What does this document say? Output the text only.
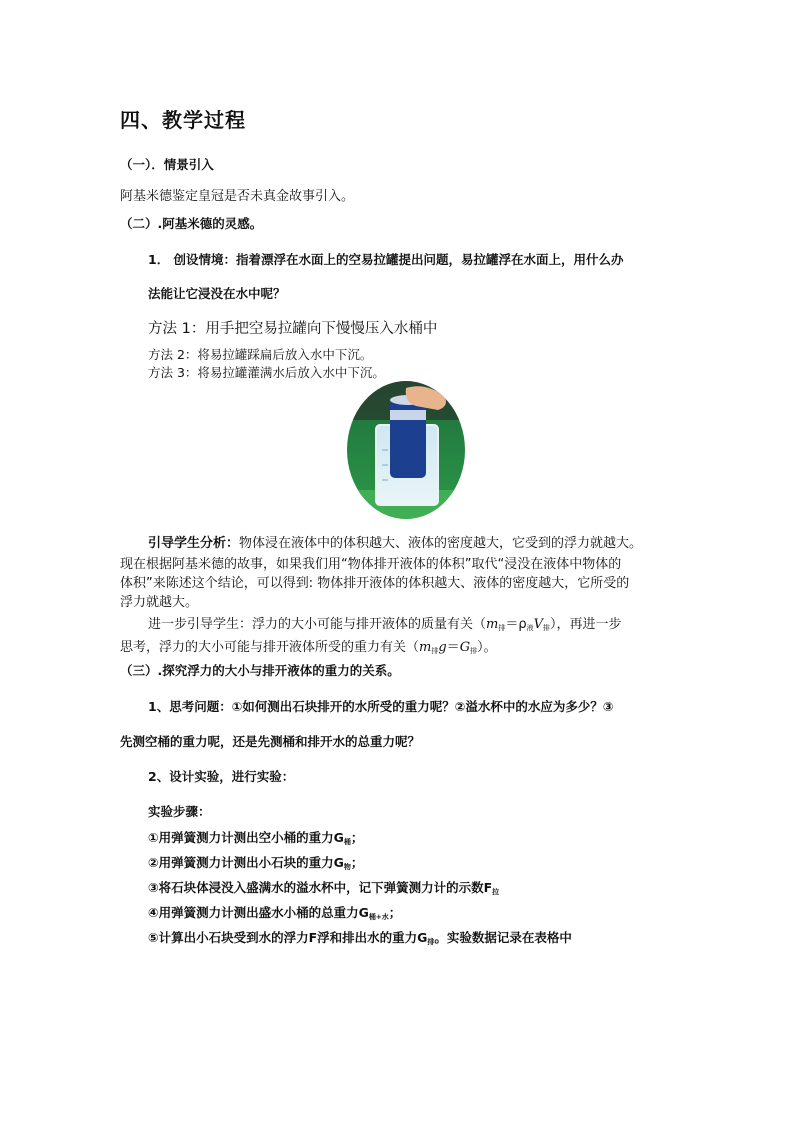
四、教学过程
（一）．情景引入
阿基米德鉴定皇冠是否未真金故事引入。
（二）.阿基米德的灵感。
1． 创设情境：指着漂浮在水面上的空易拉罐提出问题，易拉罐浮在水面上，用什么办
法能让它浸没在水中呢？
方法 1：用手把空易拉罐向下慢慢压入水桶中
方法 2：将易拉罐踩扁后放入水中下沉。
方法 3：将易拉罐灌满水后放入水中下沉。
引导学生分析：物体浸在液体中的体积越大、液体的密度越大，它受到的浮力就越大。
现在根据阿基米德的故事，如果我们用“物体排开液体的体积”取代“浸没在液体中物体的
体积”来陈述这个结论，可以得到: 物体排开液体的体积越大、液体的密度越大，它所受的
浮力就越大。
进一步引导学生：浮力的大小可能与排开液体的质量有关$(m_排=\rho_液V_排)$，再进一步
思考，浮力的大小可能与排开液体所受的重力有关$(m_排g=G_排)$。
（三）.探究浮力的大小与排开液体的重力的关系。
1、思考问题：①如何测出石块排开的水所受的重力呢？②溢水杯中的水应为多少？③
先测空桶的重力呢，还是先测桶和排开水的总重力呢？
2、设计实验，进行实验：
实验步骤：
①用弹簧测力计测出空小桶的重力$G_桶$；
②用弹簧测力计测出小石块的重力$G_物$；
③将石块体浸没入盛满水的溢水杯中，记下弹簧测力计的示数$F_拉$
④用弹簧测力计测出盛水小桶的总重力$G_{桶+水}$；
⑤计算出小石块受到水的浮力F浮和排出水的重力$G_排$。实验数据记录在表格中
